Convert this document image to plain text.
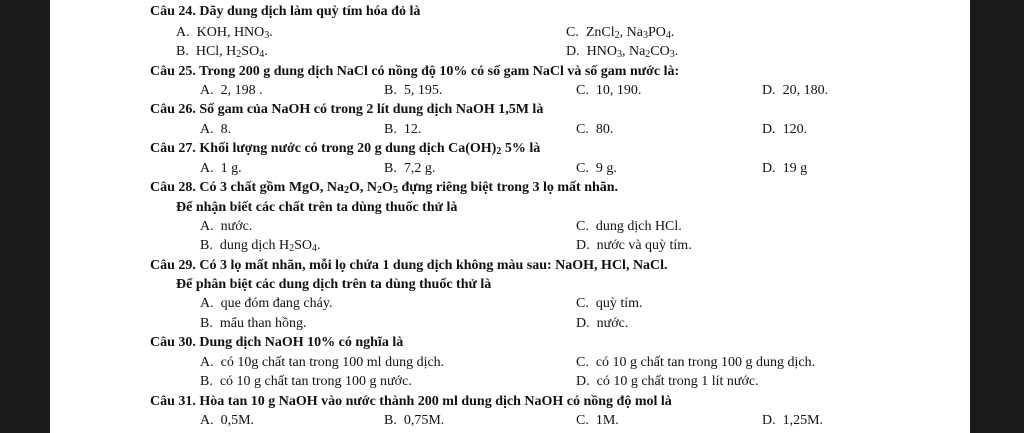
Câu 24. Dãy dung dịch làm quỳ tím hóa đỏ là
A.  KOH, $HNO_3$.	C.  ZnCl$_2$, $Na_3PO_4$.
B.  HCl, $H_2SO_4$.	D.  $HNO_3$, $Na_2CO_3$.
Câu 25. Trong 200 g dung dịch NaCl có nồng độ 10% có số gam NaCl và số gam nước là:
A.  2, 198 .	B.  5, 195.	C.  10, 190.	D.  20, 180.
Câu 26. Số gam của NaOH có trong 2 lít dung dịch NaOH 1,5M là
A.  8.	B.  12.	C.  80.	D.  120.
Câu 27. Khối lượng nước có trong 20 g dung dịch $Ca(OH)_2$ 5% là
A.  1 g.	B.  7,2 g.	C.  9 g.	D.  19 g
Câu 28. Có 3 chất gồm MgO, $Na_2O$, $N_2O_5$ đựng riêng biệt trong 3 lọ mất nhãn.
Để nhận biết các chất trên ta dùng thuốc thử là
A.  nước.	C.  dung dịch HCl.
B.  dung dịch $H_2SO_4$.	D.  nước và quỳ tím.
Câu 29. Có 3 lọ mất nhãn, mỗi lọ chứa 1 dung dịch không màu sau: NaOH, HCl, NaCl.
Để phân biệt các dung dịch trên ta dùng thuốc thử là
A.  que đóm đang cháy.	C.  quỳ tím.
B.  mẩu than hồng.	D.  nước.
Câu 30. Dung dịch NaOH 10% có nghĩa là
A.  có 10g chất tan trong 100 ml dung dịch.	C.  có 10 g chất tan trong 100 g dung dịch.
B.  có 10 g chất tan trong 100 g nước.	D.  có 10 g chất trong 1 lít nước.
Câu 31. Hòa tan 10 g NaOH vào nước thành 200 ml dung dịch NaOH có nồng độ mol là
A.  0,5M.	B.  0,75M.	C.  1M.	D.  1,25M.
